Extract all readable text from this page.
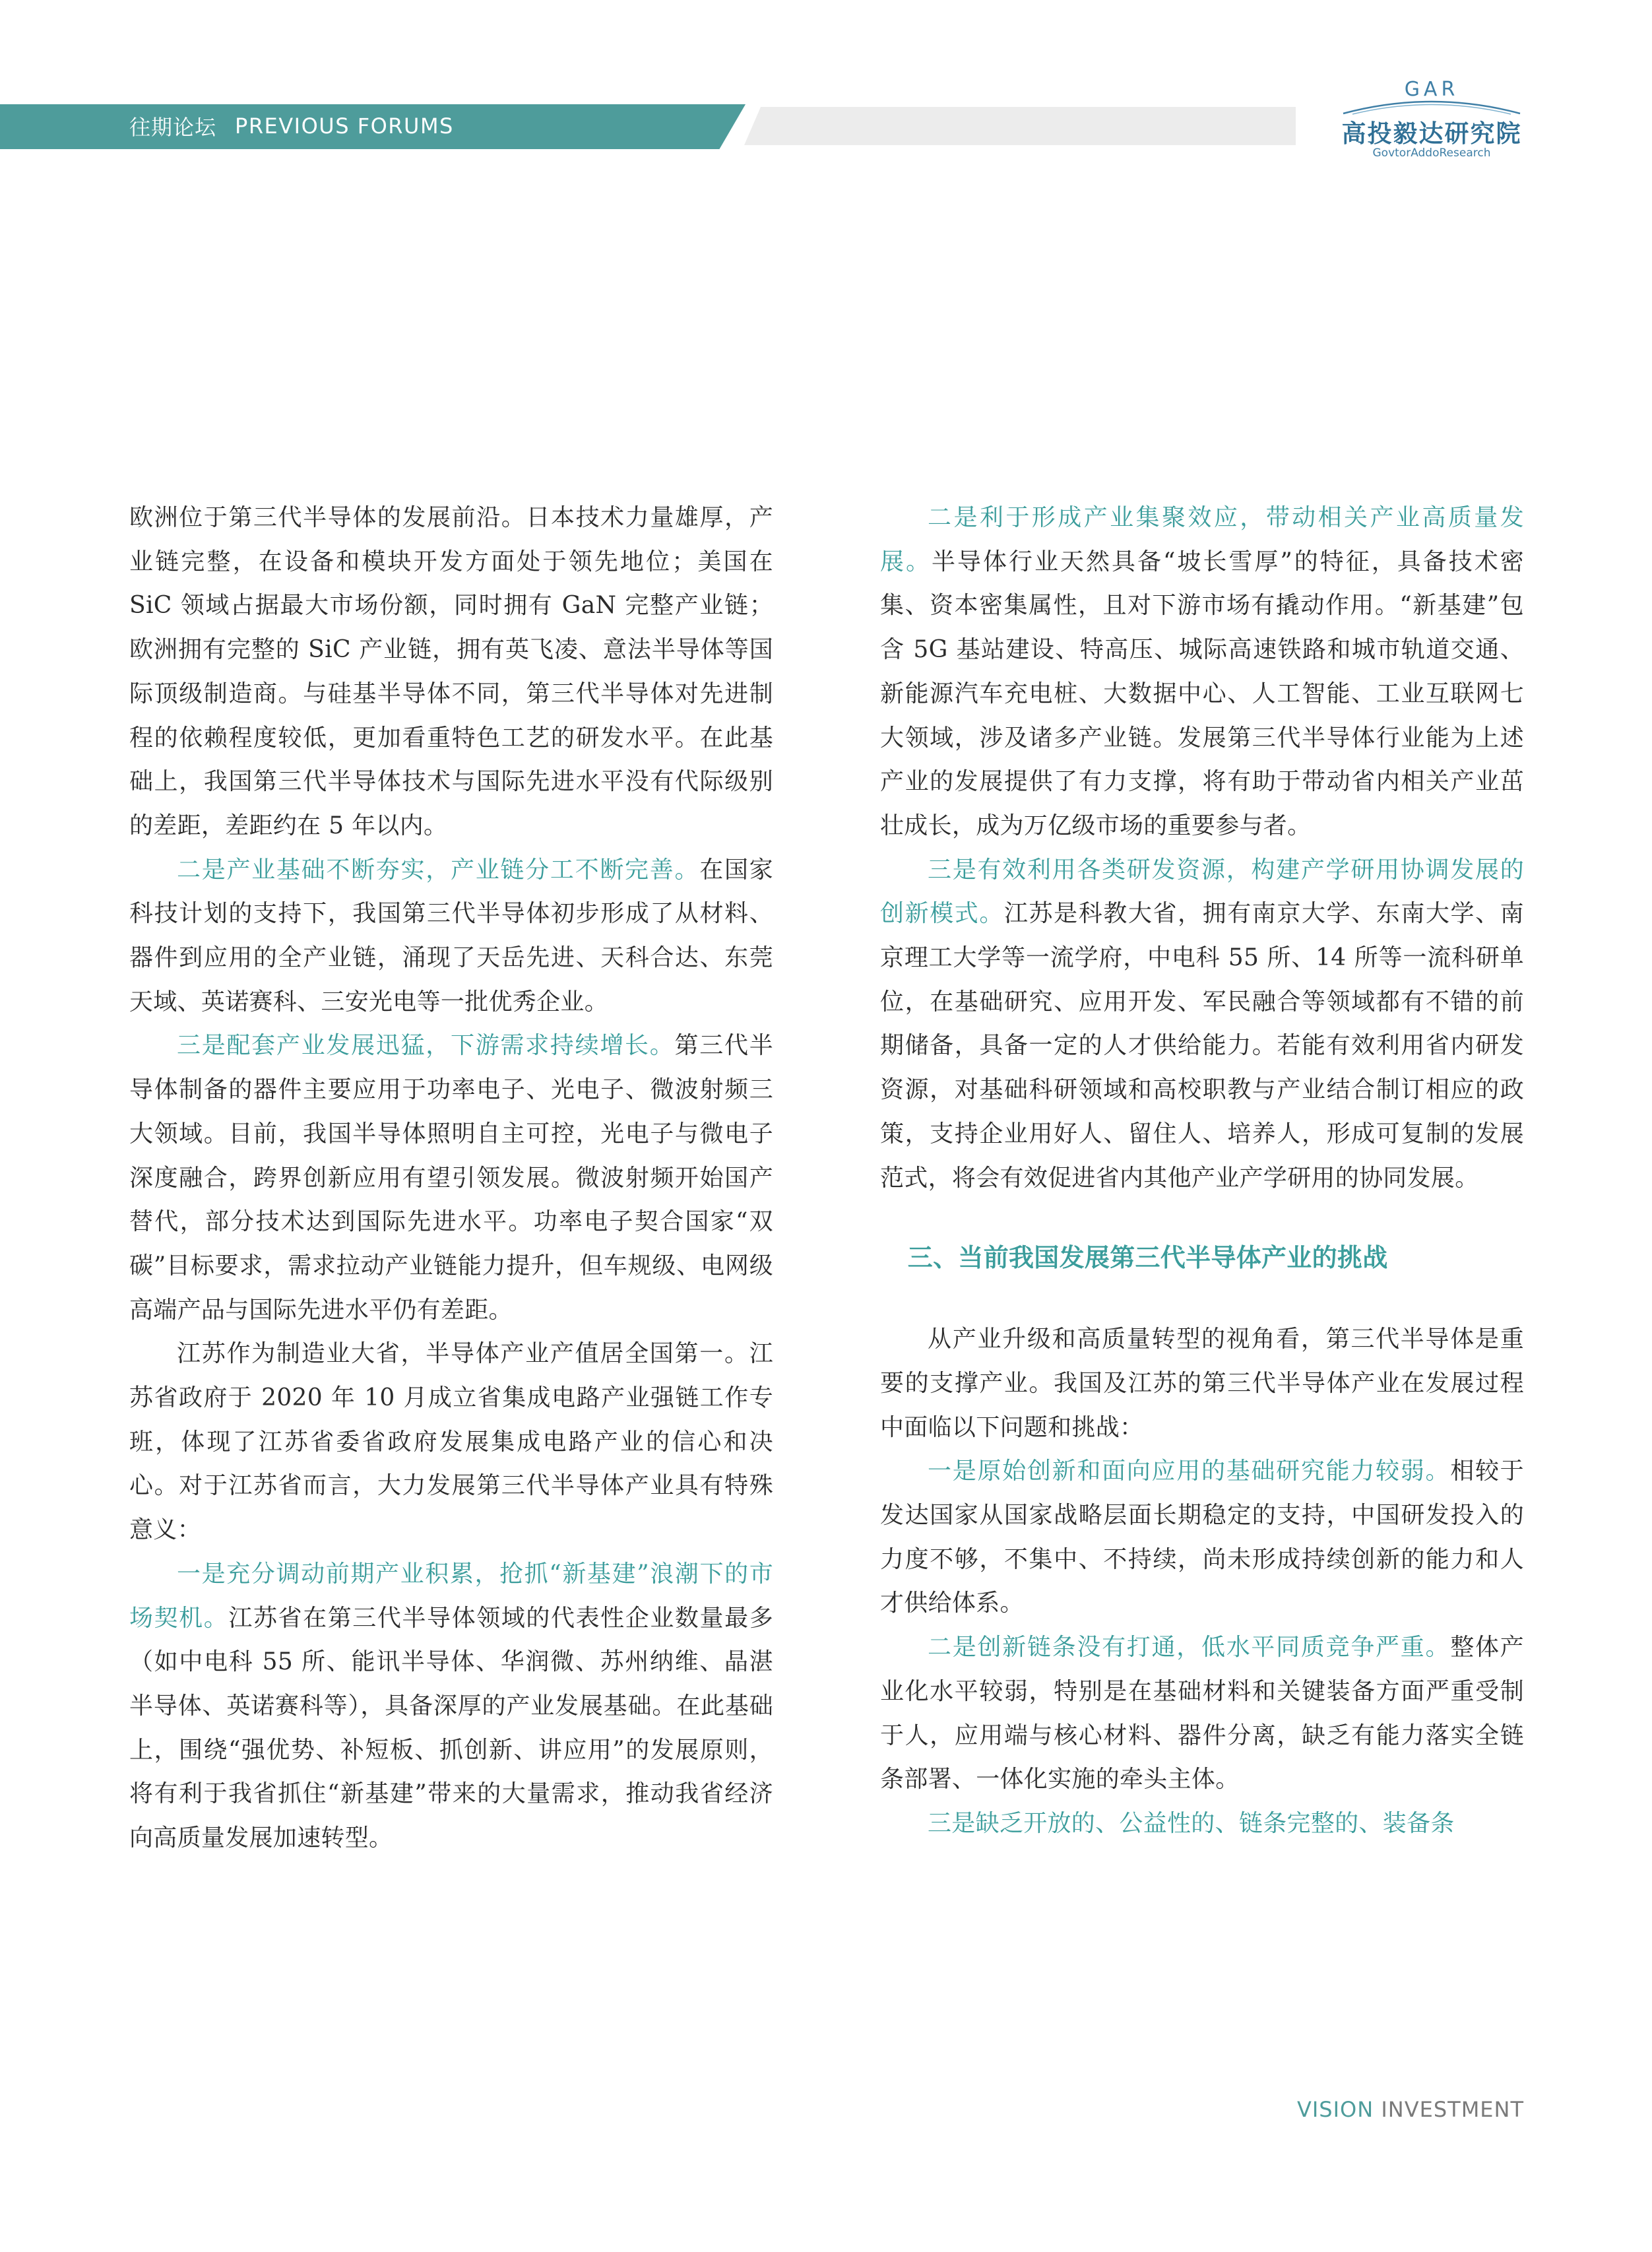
往期论坛 PREVIOUS FORUMS
GAR
高投毅达研究院
GovtorAddoResearch

欧洲位于第三代半导体的发展前沿。日本技术力量雄厚，产业链完整，在设备和模块开发方面处于领先地位；美国在 SiC 领域占据最大市场份额，同时拥有 GaN 完整产业链；欧洲拥有完整的 SiC 产业链，拥有英飞凌、意法半导体等国际顶级制造商。与硅基半导体不同，第三代半导体对先进制程的依赖程度较低，更加看重特色工艺的研发水平。在此基础上，我国第三代半导体技术与国际先进水平没有代际级别的差距，差距约在 5 年以内。

二是产业基础不断夯实，产业链分工不断完善。在国家科技计划的支持下，我国第三代半导体初步形成了从材料、器件到应用的全产业链，涌现了天岳先进、天科合达、东莞天域、英诺赛科、三安光电等一批优秀企业。

三是配套产业发展迅猛，下游需求持续增长。第三代半导体制备的器件主要应用于功率电子、光电子、微波射频三大领域。目前，我国半导体照明自主可控，光电子与微电子深度融合，跨界创新应用有望引领发展。微波射频开始国产替代，部分技术达到国际先进水平。功率电子契合国家“双碳”目标要求，需求拉动产业链能力提升，但车规级、电网级高端产品与国际先进水平仍有差距。

江苏作为制造业大省，半导体产业产值居全国第一。江苏省政府于 2020 年 10 月成立省集成电路产业强链工作专班，体现了江苏省委省政府发展集成电路产业的信心和决心。对于江苏省而言，大力发展第三代半导体产业具有特殊意义：

一是充分调动前期产业积累，抢抓“新基建”浪潮下的市场契机。江苏省在第三代半导体领域的代表性企业数量最多（如中电科 55 所、能讯半导体、华润微、苏州纳维、晶湛半导体、英诺赛科等），具备深厚的产业发展基础。在此基础上，围绕“强优势、补短板、抓创新、讲应用”的发展原则，将有利于我省抓住“新基建”带来的大量需求，推动我省经济向高质量发展加速转型。

二是利于形成产业集聚效应，带动相关产业高质量发展。半导体行业天然具备“坡长雪厚”的特征，具备技术密集、资本密集属性，且对下游市场有撬动作用。“新基建”包含 5G 基站建设、特高压、城际高速铁路和城市轨道交通、新能源汽车充电桩、大数据中心、人工智能、工业互联网七大领域，涉及诸多产业链。发展第三代半导体行业能为上述产业的发展提供了有力支撑，将有助于带动省内相关产业茁壮成长，成为万亿级市场的重要参与者。

三是有效利用各类研发资源，构建产学研用协调发展的创新模式。江苏是科教大省，拥有南京大学、东南大学、南京理工大学等一流学府，中电科 55 所、14 所等一流科研单位，在基础研究、应用开发、军民融合等领域都有不错的前期储备，具备一定的人才供给能力。若能有效利用省内研发资源，对基础科研领域和高校职教与产业结合制订相应的政策，支持企业用好人、留住人、培养人，形成可复制的发展范式，将会有效促进省内其他产业产学研用的协同发展。

三、当前我国发展第三代半导体产业的挑战

从产业升级和高质量转型的视角看，第三代半导体是重要的支撑产业。我国及江苏的第三代半导体产业在发展过程中面临以下问题和挑战：

一是原始创新和面向应用的基础研究能力较弱。相较于发达国家从国家战略层面长期稳定的支持，中国研发投入的力度不够，不集中、不持续，尚未形成持续创新的能力和人才供给体系。

二是创新链条没有打通，低水平同质竞争严重。整体产业化水平较弱，特别是在基础材料和关键装备方面严重受制于人，应用端与核心材料、器件分离，缺乏有能力落实全链条部署、一体化实施的牵头主体。

三是缺乏开放的、公益性的、链条完整的、装备条

VISION INVESTMENT
